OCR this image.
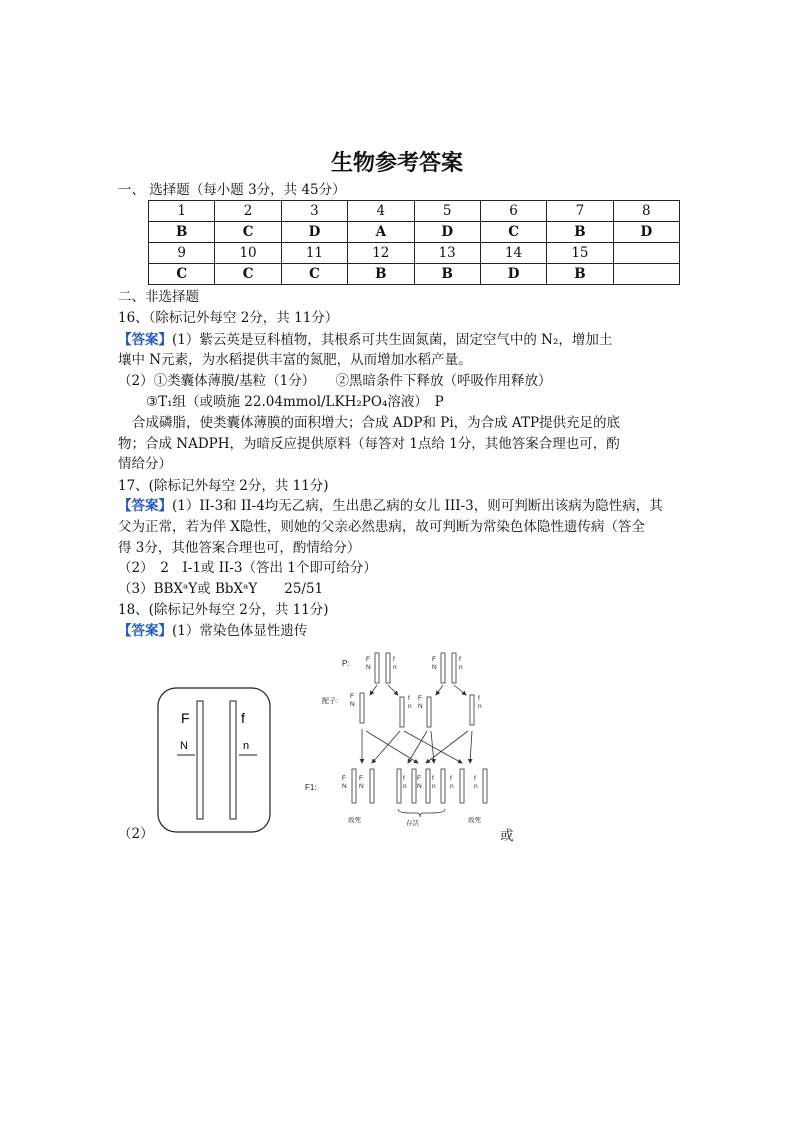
生物参考答案
一、 选择题（每小题 3分，共 45分）
1	2	3	4	5	6	7	8
B	C	D	A	D	C	B	D
9	10	11	12	13	14	15	
C	C	C	B	B	D	B	
二、非选择题
16、（除标记外每空 2分，共 11分）
【答案】(1）紫云英是豆科植物，其根系可共生固氮菌，固定空气中的 N₂，增加土
壤中 N元素，为水稻提供丰富的氮肥，从而增加水稻产量。
（2）①类囊体薄膜/基粒（1分）　　②黑暗条件下释放（呼吸作用释放）
③T₁组（或喷施 22.04mmol/LKH₂PO₄溶液）　P
合成磷脂，使类囊体薄膜的面积增大；合成 ADP和 Pi，为合成 ATP提供充足的底
物；合成 NADPH，为暗反应提供原料（每答对 1点给 1分，其他答案合理也可，酌
情给分）
17、(除标记外每空 2分，共 11分)
【答案】(1）II-3和 II-4均无乙病，生出患乙病的女儿 III-3，则可判断出该病为隐性病，其
父为正常，若为伴 X隐性，则她的父亲必然患病，故可判断为常染色体隐性遗传病（答全
得 3分，其他答案合理也可，酌情给分）
（2）　2　I-1或 II-3（答出 1个即可给分）
（3）BBXᵃY或 BbXᵃY　　25/51
18、(除标记外每空 2分，共 11分)
【答案】(1）常染色体显性遗传
（2）	或
F	f
N	n
P:
配子:
F1:
F
N
f
n
F
N
f
n
F
N
f
n
F
N
f
n
F
N
F
N
f
n
F
N
f
n
f
n
f
n
致死	存活	致死
